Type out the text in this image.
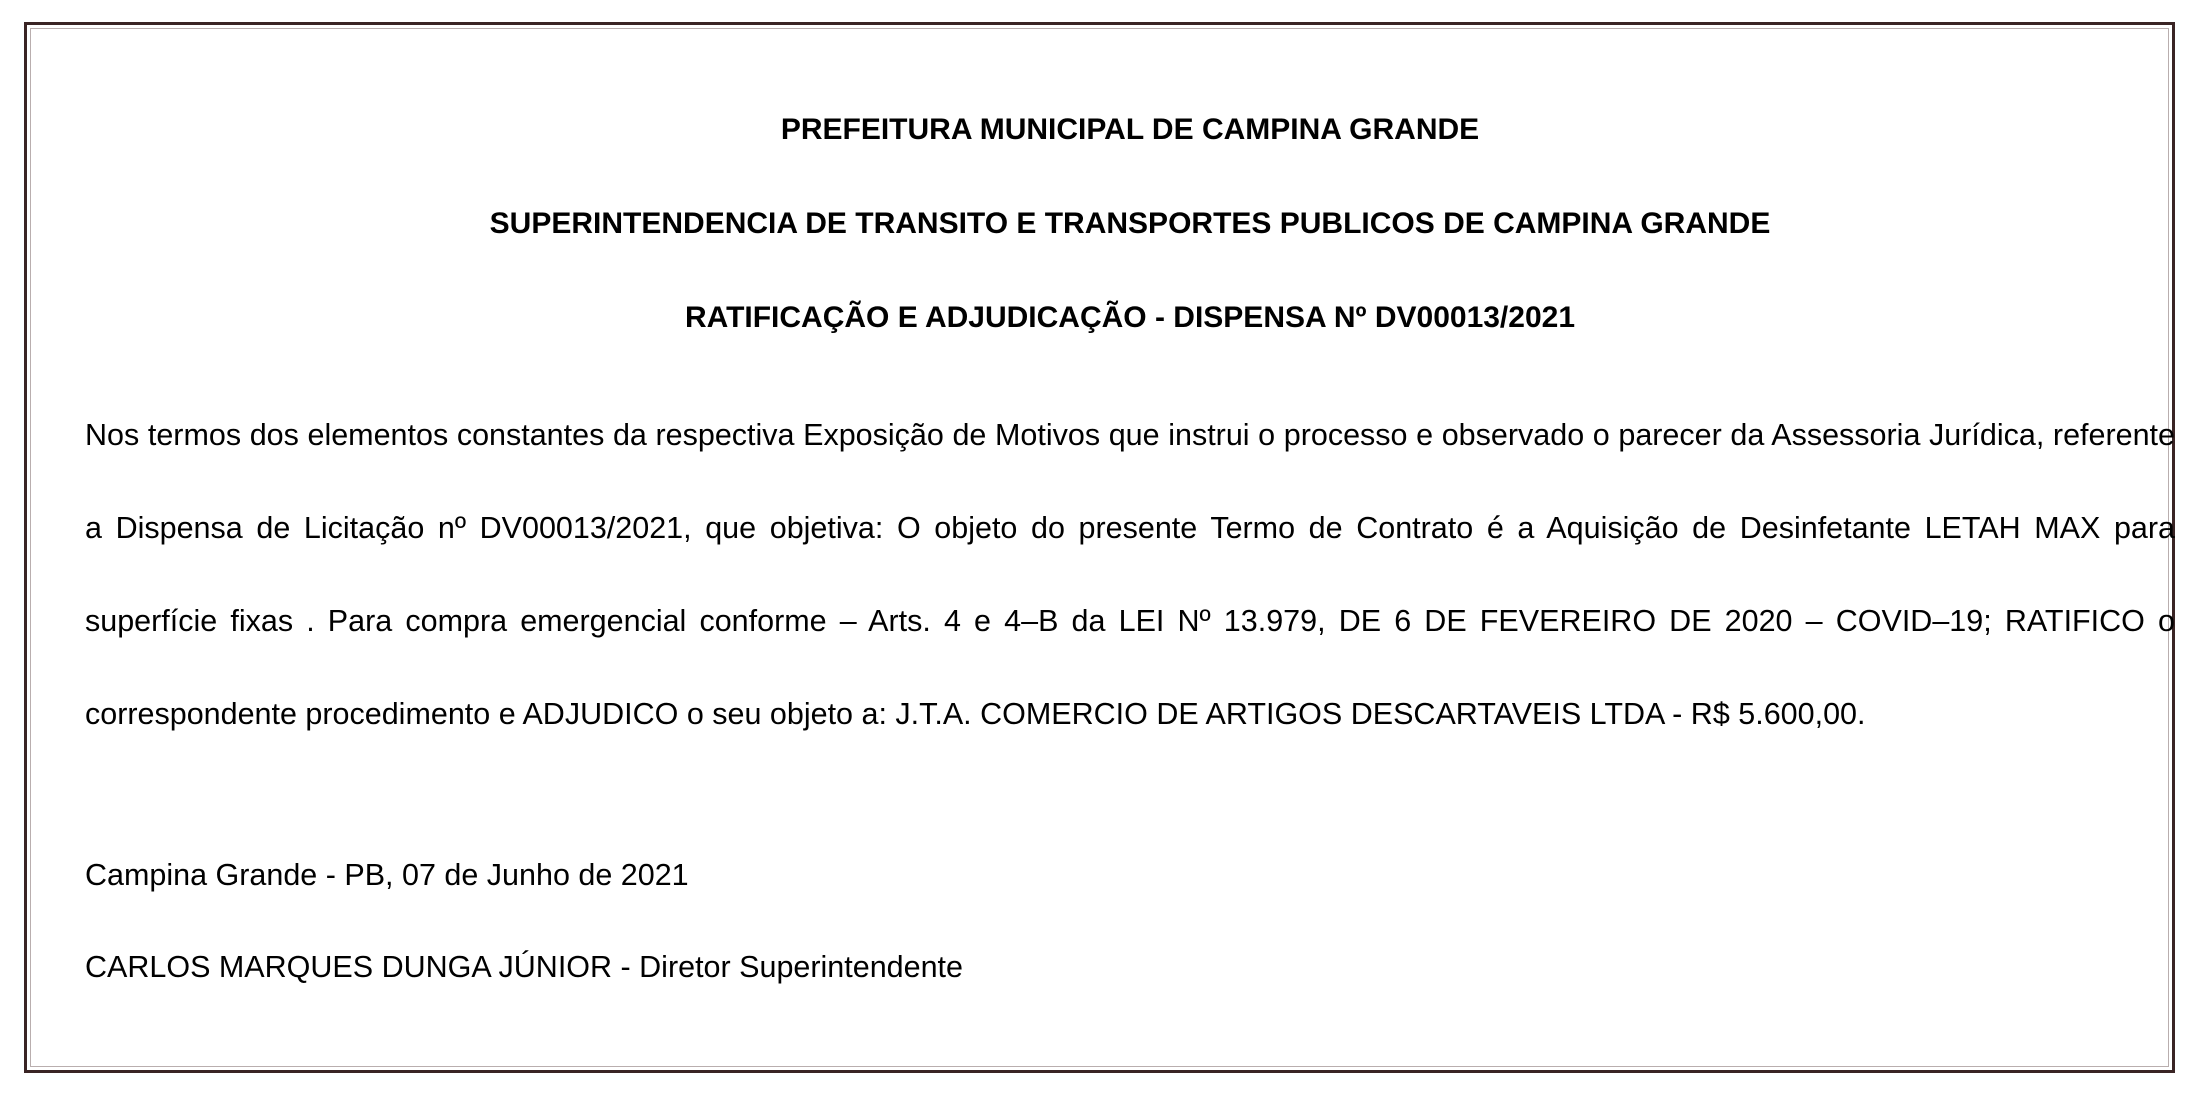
PREFEITURA MUNICIPAL DE CAMPINA GRANDE
SUPERINTENDENCIA DE TRANSITO E TRANSPORTES PUBLICOS DE CAMPINA GRANDE
RATIFICAÇÃO E ADJUDICAÇÃO - DISPENSA Nº DV00013/2021
Nos termos dos elementos constantes da respectiva Exposição de Motivos que instrui o processo e observado o parecer da Assessoria Jurídica, referente a Dispensa de Licitação nº DV00013/2021, que objetiva: O objeto do presente Termo de Contrato é a Aquisição de Desinfetante LETAH MAX para superfície fixas . Para compra emergencial conforme – Arts. 4 e 4–B da LEI Nº 13.979, DE 6 DE FEVEREIRO DE 2020 – COVID–19; RATIFICO o correspondente procedimento e ADJUDICO o seu objeto a: J.T.A. COMERCIO DE ARTIGOS DESCARTAVEIS LTDA - R$ 5.600,00.
Campina Grande - PB, 07 de Junho de 2021
CARLOS MARQUES DUNGA JÚNIOR - Diretor Superintendente
